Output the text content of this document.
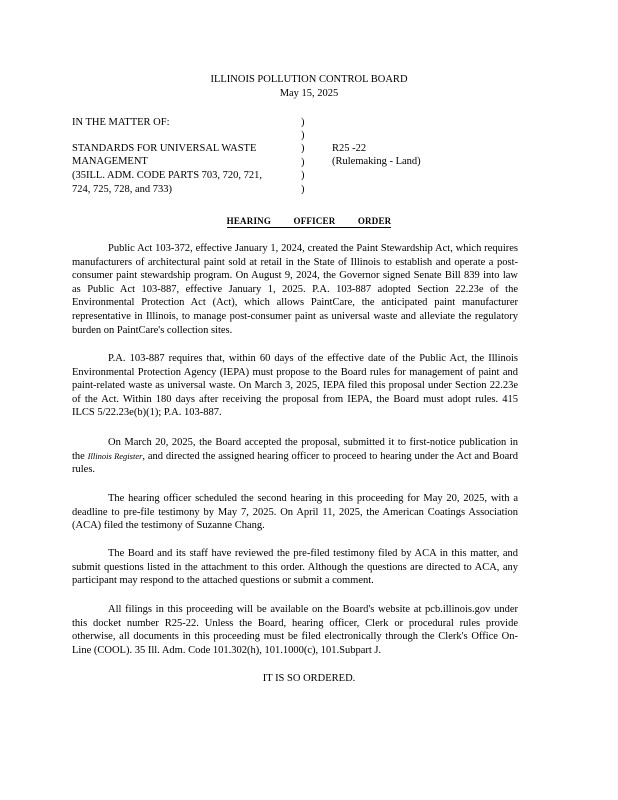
ILLINOIS POLLUTION CONTROL BOARD
May 15, 2025
IN THE MATTER OF:
STANDARDS FOR UNIVERSAL WASTE
MANAGEMENT
(35ILL. ADM. CODE PARTS 703, 720, 721,
724, 725, 728, and 733)
)
)
)
)
)
)
R25 -22
(Rulemaking - Land)
HEARING OFFICER ORDER
Public Act 103-372, effective January 1, 2024, created the Paint Stewardship Act, which requires manufacturers of architectural paint sold at retail in the State of Illinois to establish and operate a post-consumer paint stewardship program. On August 9, 2024, the Governor signed Senate Bill 839 into law as Public Act 103-887, effective January 1, 2025. P.A. 103-887 adopted Section 22.23e of the Environmental Protection Act (Act), which allows PaintCare, the anticipated paint manufacturer representative in Illinois, to manage post-consumer paint as universal waste and alleviate the regulatory burden on PaintCare's collection sites.
P.A. 103-887 requires that, within 60 days of the effective date of the Public Act, the Illinois Environmental Protection Agency (IEPA) must propose to the Board rules for management of paint and paint-related waste as universal waste. On March 3, 2025, IEPA filed this proposal under Section 22.23e of the Act. Within 180 days after receiving the proposal from IEPA, the Board must adopt rules. 415 ILCS 5/22.23e(b)(1); P.A. 103-887.
On March 20, 2025, the Board accepted the proposal, submitted it to first-notice publication in the Illinois Register, and directed the assigned hearing officer to proceed to hearing under the Act and Board rules.
The hearing officer scheduled the second hearing in this proceeding for May 20, 2025, with a deadline to pre-file testimony by May 7, 2025. On April 11, 2025, the American Coatings Association (ACA) filed the testimony of Suzanne Chang.
The Board and its staff have reviewed the pre-filed testimony filed by ACA in this matter, and submit questions listed in the attachment to this order. Although the questions are directed to ACA, any participant may respond to the attached questions or submit a comment.
All filings in this proceeding will be available on the Board's website at pcb.illinois.gov under this docket number R25-22. Unless the Board, hearing officer, Clerk or procedural rules provide otherwise, all documents in this proceeding must be filed electronically through the Clerk's Office On-Line (COOL). 35 Ill. Adm. Code 101.302(h), 101.1000(c), 101.Subpart J.
IT IS SO ORDERED.
